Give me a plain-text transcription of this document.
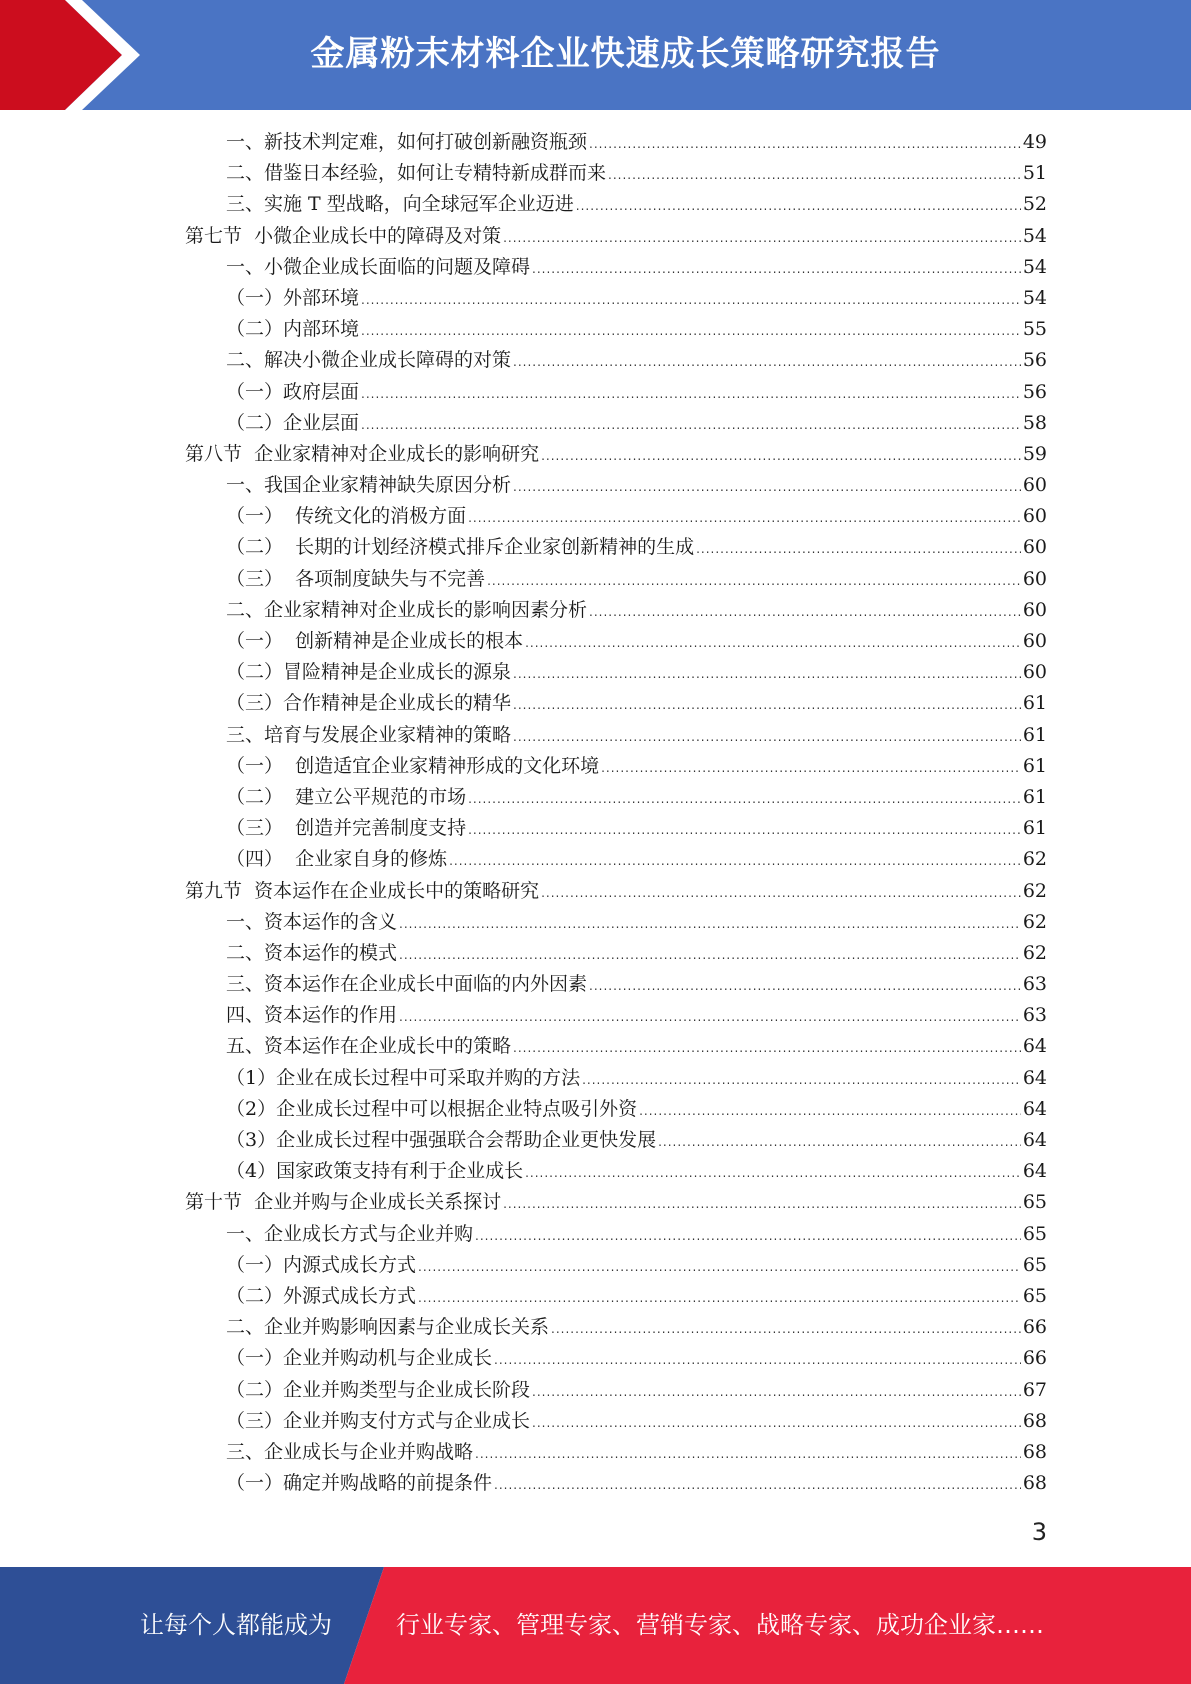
金属粉末材料企业快速成长策略研究报告
一、新技术判定难，如何打破创新融资瓶颈 .....	49
二、借鉴日本经验，如何让专精特新成群而来 .....	51
三、实施 T 型战略，向全球冠军企业迈进 .....	52
第七节  小微企业成长中的障碍及对策 .....	54
一、小微企业成长面临的问题及障碍 .....	54
（一）外部环境 .....	54
（二）内部环境 .....	55
二、解决小微企业成长障碍的对策 .....	56
（一）政府层面 .....	56
（二）企业层面 .....	58
第八节  企业家精神对企业成长的影响研究 .....	59
一、我国企业家精神缺失原因分析 .....	60
（一）  传统文化的消极方面 .....	60
（二）  长期的计划经济模式排斥企业家创新精神的生成 .....	60
（三）  各项制度缺失与不完善 .....	60
二、企业家精神对企业成长的影响因素分析 .....	60
（一）  创新精神是企业成长的根本 .....	60
（二）冒险精神是企业成长的源泉 .....	60
（三）合作精神是企业成长的精华 .....	61
三、培育与发展企业家精神的策略 .....	61
（一）  创造适宜企业家精神形成的文化环境 .....	61
（二）  建立公平规范的市场 .....	61
（三）  创造并完善制度支持 .....	61
（四）  企业家自身的修炼 .....	62
第九节  资本运作在企业成长中的策略研究 .....	62
一、资本运作的含义 .....	62
二、资本运作的模式 .....	62
三、资本运作在企业成长中面临的内外因素 .....	63
四、资本运作的作用 .....	63
五、资本运作在企业成长中的策略 .....	64
（1）企业在成长过程中可采取并购的方法 .....	64
（2）企业成长过程中可以根据企业特点吸引外资 .....	64
（3）企业成长过程中强强联合会帮助企业更快发展 .....	64
（4）国家政策支持有利于企业成长 .....	64
第十节  企业并购与企业成长关系探讨 .....	65
一、企业成长方式与企业并购 .....	65
（一）内源式成长方式 .....	65
（二）外源式成长方式 .....	65
二、企业并购影响因素与企业成长关系 .....	66
（一）企业并购动机与企业成长 .....	66
（二）企业并购类型与企业成长阶段 .....	67
（三）企业并购支付方式与企业成长 .....	68
三、企业成长与企业并购战略 .....	68
（一）确定并购战略的前提条件 .....	68
3
让每个人都能成为	行业专家、管理专家、营销专家、战略专家、成功企业家……
